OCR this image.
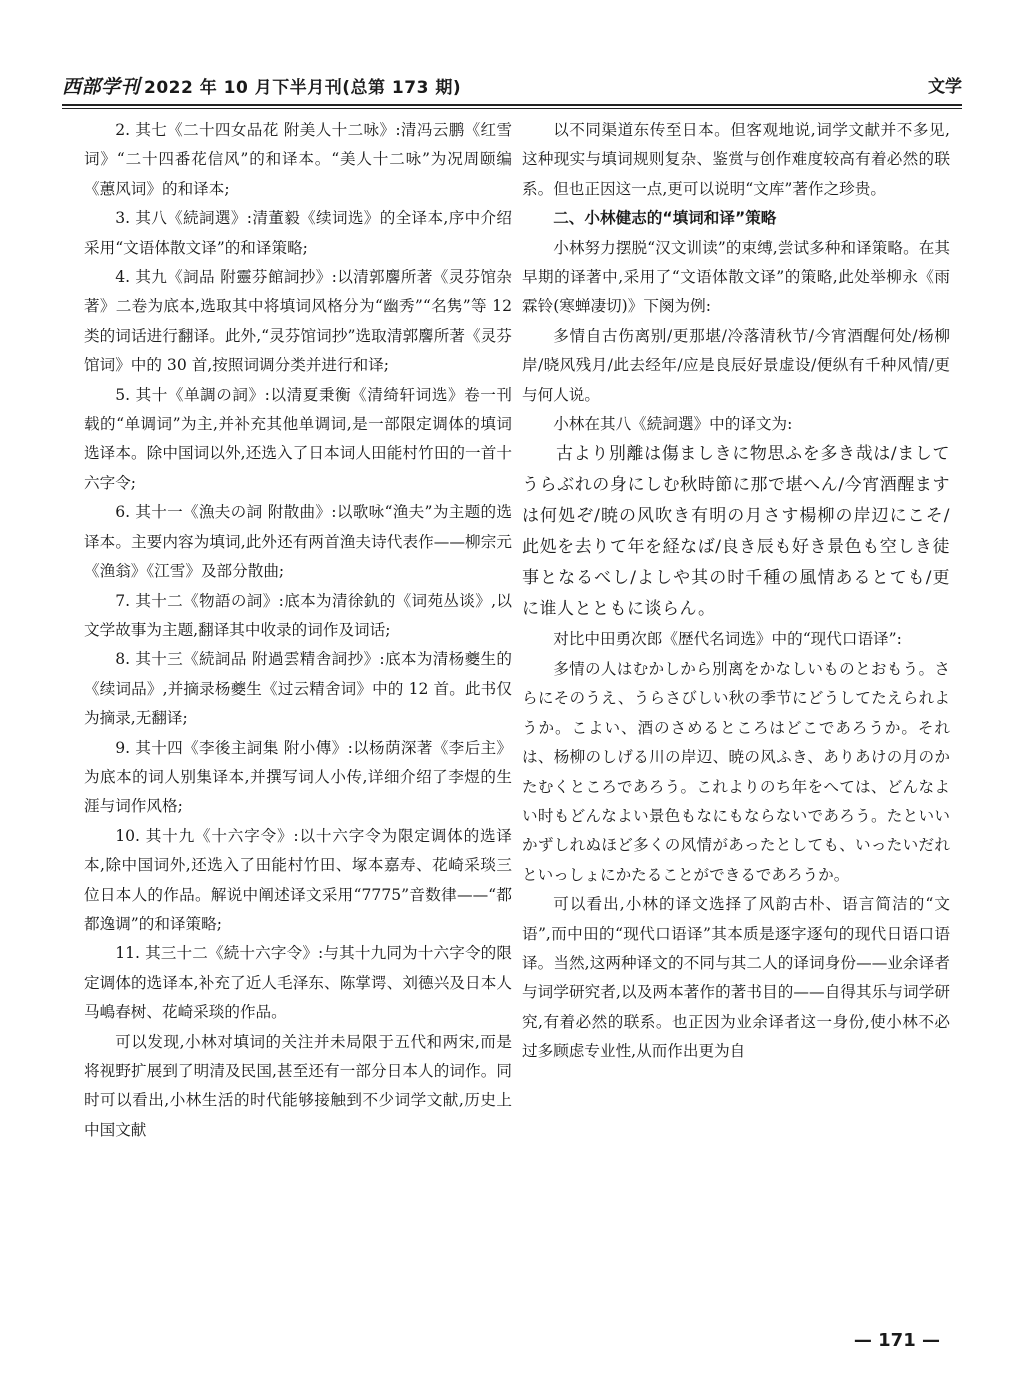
西部学刊 2022 年 10 月下半月刊(总第 173 期)	文学

2. 其七《二十四女品花 附美人十二咏》:清冯云鹏《红雪词》“二十四番花信风”的和译本。“美人十二咏”为况周颐编《蕙风词》的和译本;

3. 其八《続詞選》:清董毅《续词选》的全译本,序中介绍采用“文语体散文译”的和译策略;

4. 其九《詞品 附靈芬館詞抄》:以清郭麐所著《灵芬馆杂著》二卷为底本,选取其中将填词风格分为“幽秀”“名隽”等 12 类的词话进行翻译。此外,“灵芬馆词抄”选取清郭麐所著《灵芬馆词》中的 30 首,按照词调分类并进行和译;

5. 其十《单調の詞》:以清夏秉衡《清绮轩词选》卷一刊载的“单调词”为主,并补充其他单调词,是一部限定调体的填词选译本。除中国词以外,还选入了日本词人田能村竹田的一首十六字令;

6. 其十一《漁夫の詞 附散曲》:以歌咏“渔夫”为主题的选译本。主要内容为填词,此外还有两首渔夫诗代表作——柳宗元《渔翁》《江雪》及部分散曲;

7. 其十二《物語の詞》:底本为清徐釚的《词苑丛谈》,以文学故事为主题,翻译其中收录的词作及词话;

8. 其十三《続詞品 附過雲精舎詞抄》:底本为清杨夔生的《续词品》,并摘录杨夔生《过云精舍词》中的 12 首。此书仅为摘录,无翻译;

9. 其十四《李後主詞集 附小傳》:以杨荫深著《李后主》为底本的词人别集译本,并撰写词人小传,详细介绍了李煜的生涯与词作风格;

10. 其十九《十六字令》:以十六字令为限定调体的选译本,除中国词外,还选入了田能村竹田、塚本嘉寿、花崎采琰三位日本人的作品。解说中阐述译文采用“7775”音数律——“都都逸调”的和译策略;

11. 其三十二《続十六字令》:与其十九同为十六字令的限定调体的选译本,补充了近人毛泽东、陈掌谔、刘德兴及日本人马嶋春树、花崎采琰的作品。

可以发现,小林对填词的关注并未局限于五代和两宋,而是将视野扩展到了明清及民国,甚至还有一部分日本人的词作。同时可以看出,小林生活的时代能够接触到不少词学文献,历史上中国文献

以不同渠道东传至日本。但客观地说,词学文献并不多见,这种现实与填词规则复杂、鉴赏与创作难度较高有着必然的联系。但也正因这一点,更可以说明“文库”著作之珍贵。

二、小林健志的“填词和译”策略

小林努力摆脱“汉文训读”的束缚,尝试多种和译策略。在其早期的译著中,采用了“文语体散文译”的策略,此处举柳永《雨霖铃(寒蝉凄切)》下阕为例:

多情自古伤离别/更那堪/冷落清秋节/今宵酒醒何处/杨柳岸/晓风残月/此去经年/应是良辰好景虚设/便纵有千种风情/更与何人说。

小林在其八《続詞選》中的译文为:

古より別離は傷ましきに物思ふを多き哉は/ましてうらぶれの身にしむ秋時節に那で堪へん/今宵酒醒ますは何処ぞ/暁の风吹き有明の月さす楊柳の岸辺にこそ/此処を去りて年を経なば/良き辰も好き景色も空しき徒事となるべし/よしや其の时千種の風情あるとても/更に谁人とともに谈らん。

对比中田勇次郎《歴代名词选》中的“现代口语译”:

多情の人はむかしから別离をかなしいものとおもう。さらにそのうえ、うらさびしい秋の季节にどうしてたえられようか。こよい、酒のさめるところはどこであろうか。それは、杨柳のしげる川の岸辺、暁の风ふき、ありあけの月のかたむくところであろう。これよりのち年をへては、どんなよい时もどんなよい景色もなにもならないであろう。たといいかずしれぬほど多くの风情があったとしても、いったいだれといっしょにかたることができるであろうか。

可以看出,小林的译文选择了风韵古朴、语言简洁的“文语”,而中田的“现代口语译”其本质是逐字逐句的现代日语口语译。当然,这两种译文的不同与其二人的译词身份——业余译者与词学研究者,以及两本著作的著书目的——自得其乐与词学研究,有着必然的联系。也正因为业余译者这一身份,使小林不必过多顾虑专业性,从而作出更为自

— 171 —
